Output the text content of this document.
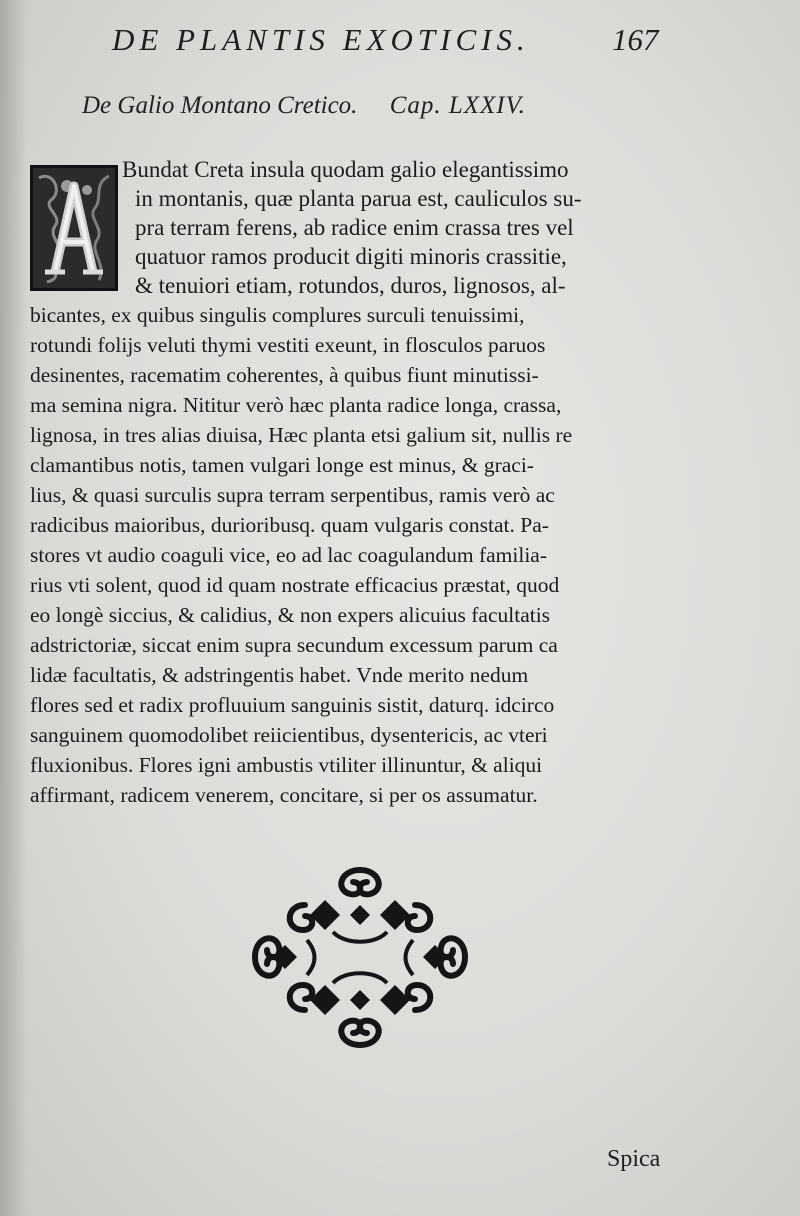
DE PLANTIS EXOTICIS.	167
De Galio Montano Cretico. Cap. LXXIV.
Bundat Creta insula quodam galio elegantissimo
in montanis, quæ planta parua est, cauliculos su-
pra terram ferens, ab radice enim crassa tres vel
quatuor ramos producit digiti minoris crassitie,
& tenuiori etiam, rotundos, duros, lignosos, al-
bicantes, ex quibus singulis complures surculi tenuissimi,
rotundi folijs veluti thymi vestiti exeunt, in flosculos paruos
desinentes, racematim coherentes, à quibus fiunt minutissi-
ma semina nigra. Nititur verò hæc planta radice longa, crassa,
lignosa, in tres alias diuisa, Hæc planta etsi galium sit, nullis re
clamantibus notis, tamen vulgari longe est minus, & graci-
lius, & quasi surculis supra terram serpentibus, ramis verò ac
radicibus maioribus, durioribusq. quam vulgaris constat. Pa-
stores vt audio coaguli vice, eo ad lac coagulandum familia-
rius vti solent, quod id quam nostrate efficacius præstat, quod
eo longè siccius, & calidius, & non expers alicuius facultatis
adstrictoriæ, siccat enim supra secundum excessum parum ca
lidæ facultatis, & adstringentis habet. Vnde merito nedum
flores sed et radix profluuium sanguinis sistit, daturq. idcirco
sanguinem quomodolibet reiicientibus, dysentericis, ac vteri
fluxionibus. Flores igni ambustis vtiliter illinuntur, & aliqui
affirmant, radicem venerem, concitare, si per os assumatur.
Spica
